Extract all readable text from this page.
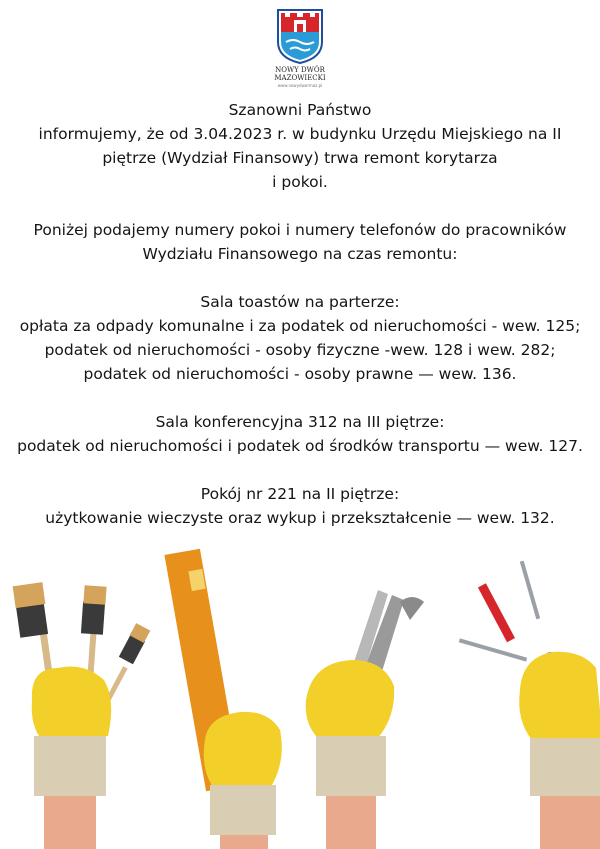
NOWY DWÓR
MAZOWIECKI
www.nowydwormaz.pl

Szanowni Państwo

informujemy, że od 3.04.2023 r. w budynku Urzędu Miejskiego na II

piętrze (Wydział Finansowy) trwa remont korytarza

i pokoi.

Poniżej podajemy numery pokoi i numery telefonów do pracowników

Wydziału Finansowego na czas remontu:

Sala toastów na parterze:

opłata za odpady komunalne i za podatek od nieruchomości - wew. 125;

podatek od nieruchomości - osoby fizyczne -wew. 128 i wew. 282;

podatek od nieruchomości - osoby prawne — wew. 136.

Sala konferencyjna 312 na III piętrze:

podatek od nieruchomości i podatek od środków transportu — wew. 127.

Pokój nr 221 na II piętrze:

użytkowanie wieczyste oraz wykup i przekształcenie — wew. 132.
